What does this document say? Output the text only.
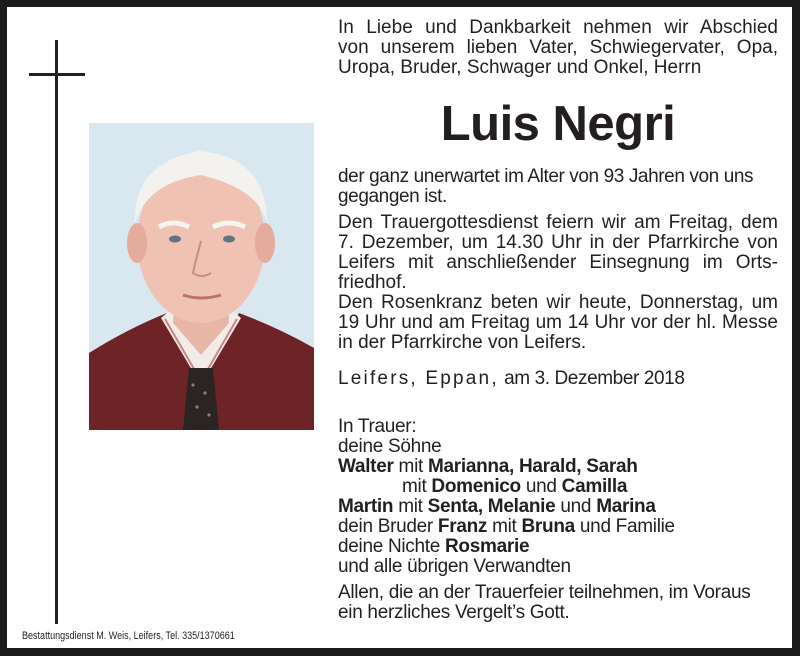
In Liebe und Dankbarkeit nehmen wir Abschied
von unserem lieben Vater, Schwiegervater, Opa,
Uropa, Bruder, Schwager und Onkel, Herrn
Luis Negri
der ganz unerwartet im Alter von 93 Jahren von uns
gegangen ist.
Den Trauergottesdienst feiern wir am Freitag, dem
7. Dezember, um 14.30 Uhr in der Pfarrkirche von
Leifers mit anschließender Einsegnung im Orts-
friedhof.
Den Rosenkranz beten wir heute, Donnerstag, um
19 Uhr und am Freitag um 14 Uhr vor der hl. Messe
in der Pfarrkirche von Leifers.
Leifers, Eppan, am 3. Dezember 2018
In Trauer:
deine Söhne
Walter mit Marianna, Harald, Sarah
mit Domenico und Camilla
Martin mit Senta, Melanie und Marina
dein Bruder Franz mit Bruna und Familie
deine Nichte Rosmarie
und alle übrigen Verwandten
Allen, die an der Trauerfeier teilnehmen, im Voraus
ein herzliches Vergelt’s Gott.
Bestattungsdienst M. Weis, Leifers, Tel. 335/1370661
